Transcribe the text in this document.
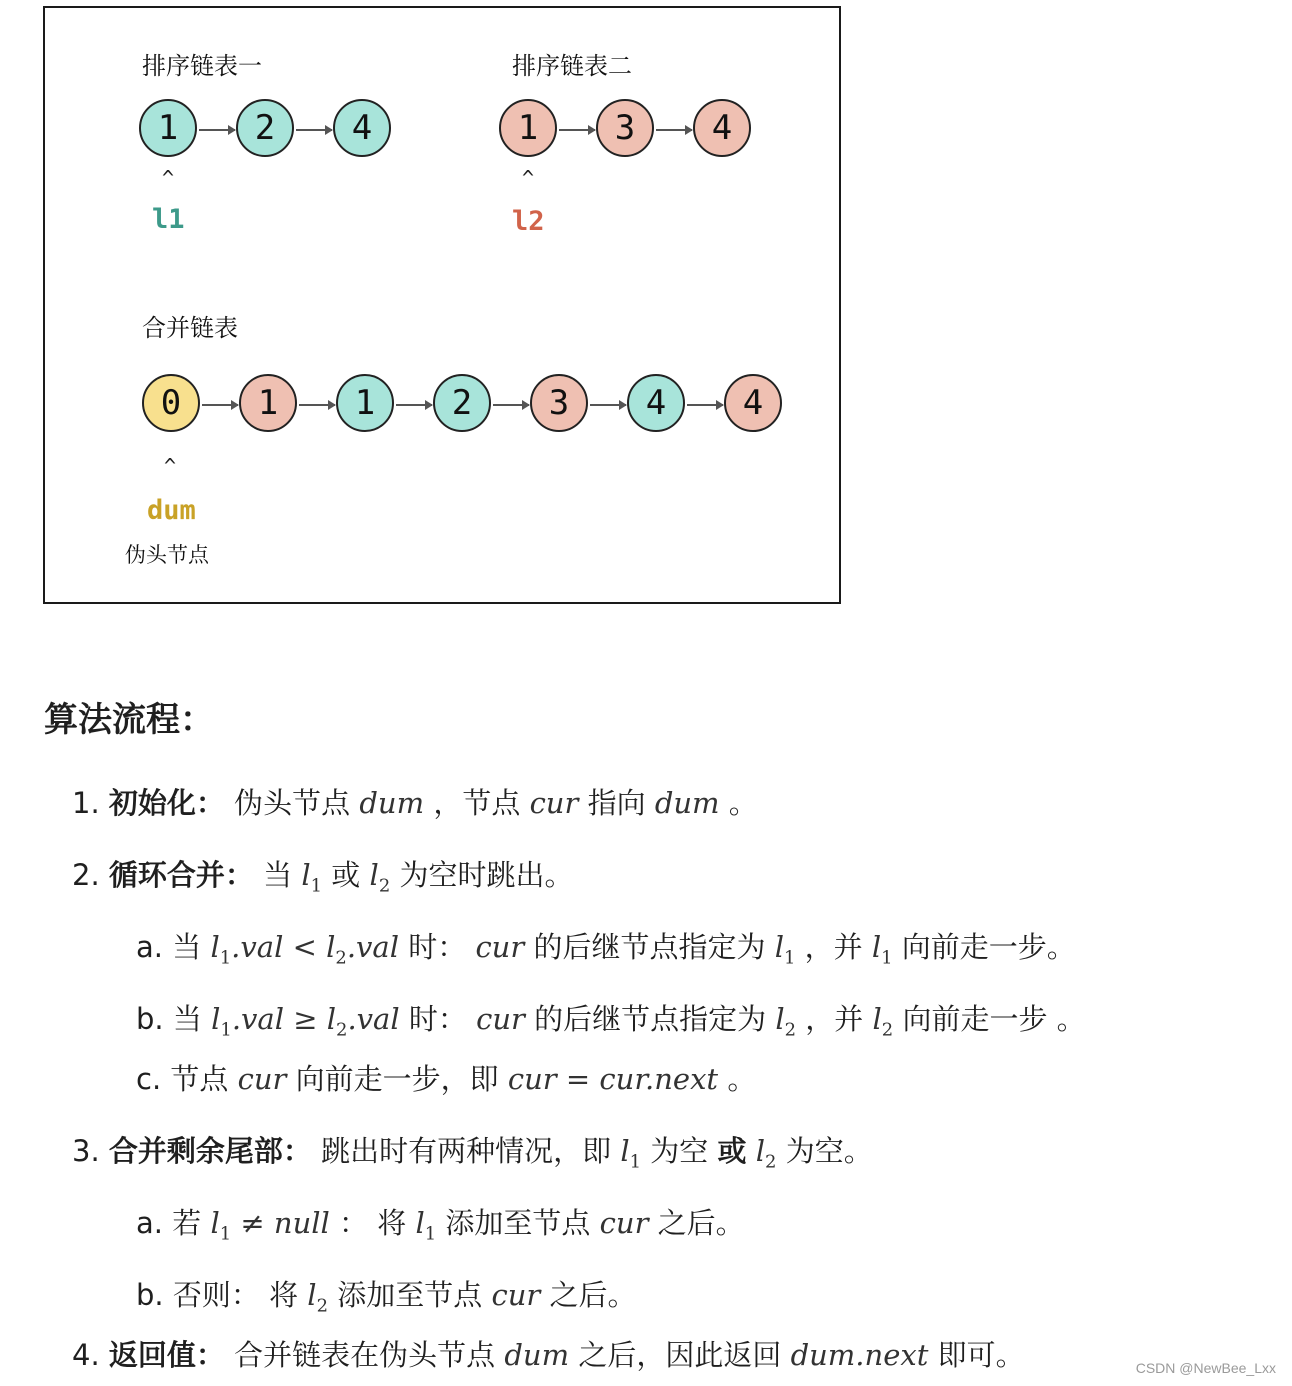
排序链表一	排序链表二
1	2	4	1	3	4
^
l1
^
l2
合并链表
0	1	1	2	3	4	4
^
dum
伪头节点
算法流程：
1. 初始化： 伪头节点 dum ，节点 cur 指向 dum 。
2. 循环合并： 当 $l_1$ 或 $l_2$ 为空时跳出。
a. 当 $l_1.val < l_2.val$ 时： cur 的后继节点指定为 $l_1$ ，并 $l_1$ 向前走一步。
b. 当 $l_1.val \ge l_2.val$ 时： cur 的后继节点指定为 $l_2$ ，并 $l_2$ 向前走一步 。
c. 节点 cur 向前走一步，即 cur = cur.next 。
3. 合并剩余尾部： 跳出时有两种情况，即 $l_1$ 为空 或 $l_2$ 为空。
a. 若 $l_1$ ≠ null ： 将 $l_1$ 添加至节点 cur 之后。
b. 否则： 将 $l_2$ 添加至节点 cur 之后。
4. 返回值： 合并链表在伪头节点 dum 之后，因此返回 dum.next 即可。	CSDN @NewBee_Lxx
